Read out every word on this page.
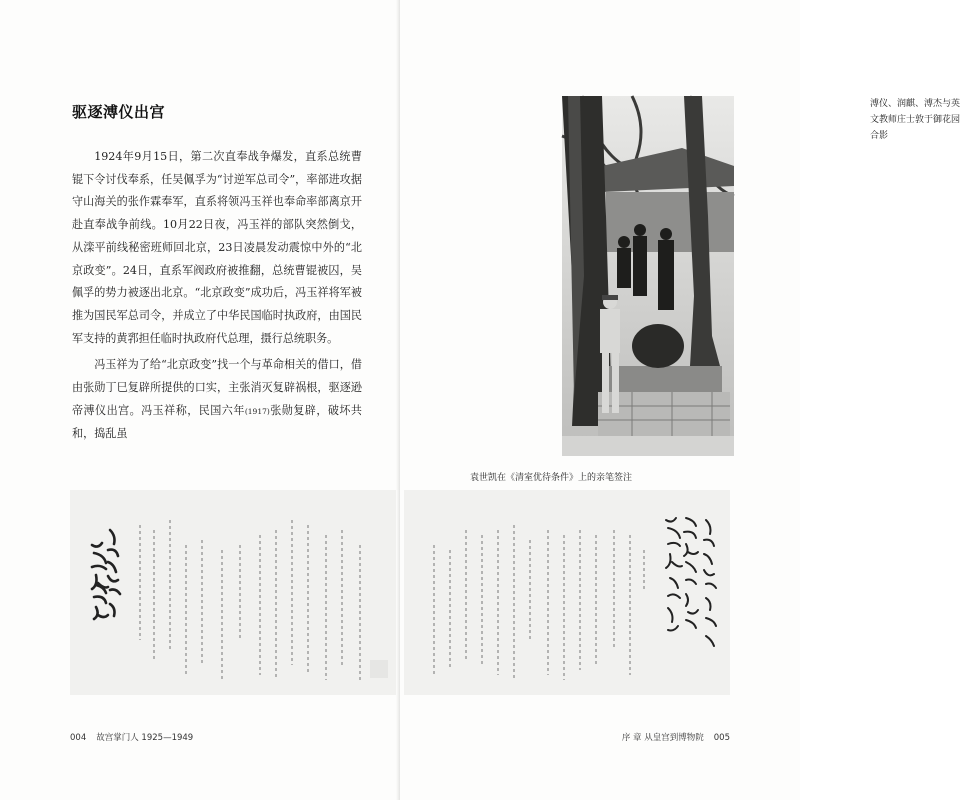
驱逐溥仪出宫

1924年9月15日，第二次直奉战争爆发，直系总统曹锟下令讨伐奉系，任吴佩孚为“讨逆军总司令”，率部进攻据守山海关的张作霖奉军，直系将领冯玉祥也奉命率部离京开赴直奉战争前线。10月22日夜，冯玉祥的部队突然倒戈，从滦平前线秘密班师回北京，23日凌晨发动震惊中外的“北京政变”。24日，直系军阀政府被推翻，总统曹锟被囚，吴佩孚的势力被逐出北京。“北京政变”成功后，冯玉祥将军被推为国民军总司令，并成立了中华民国临时执政府，由国民军支持的黄郛担任临时执政府代总理，摄行总统职务。

冯玉祥为了给“北京政变”找一个与革命相关的借口，借由张勋丁巳复辟所提供的口实，主张消灭复辟祸根，驱逐逊帝溥仪出宫。冯玉祥称，民国六年(1917)张勋复辟，破坏共和，捣乱虽

004 故宫掌门人 1925—1949
溥仪、润麒、溥杰与英文教师庄士敦于御花园合影
袁世凯在《清室优待条件》上的亲笔签注
序 章 从皇宫到博物院 005
